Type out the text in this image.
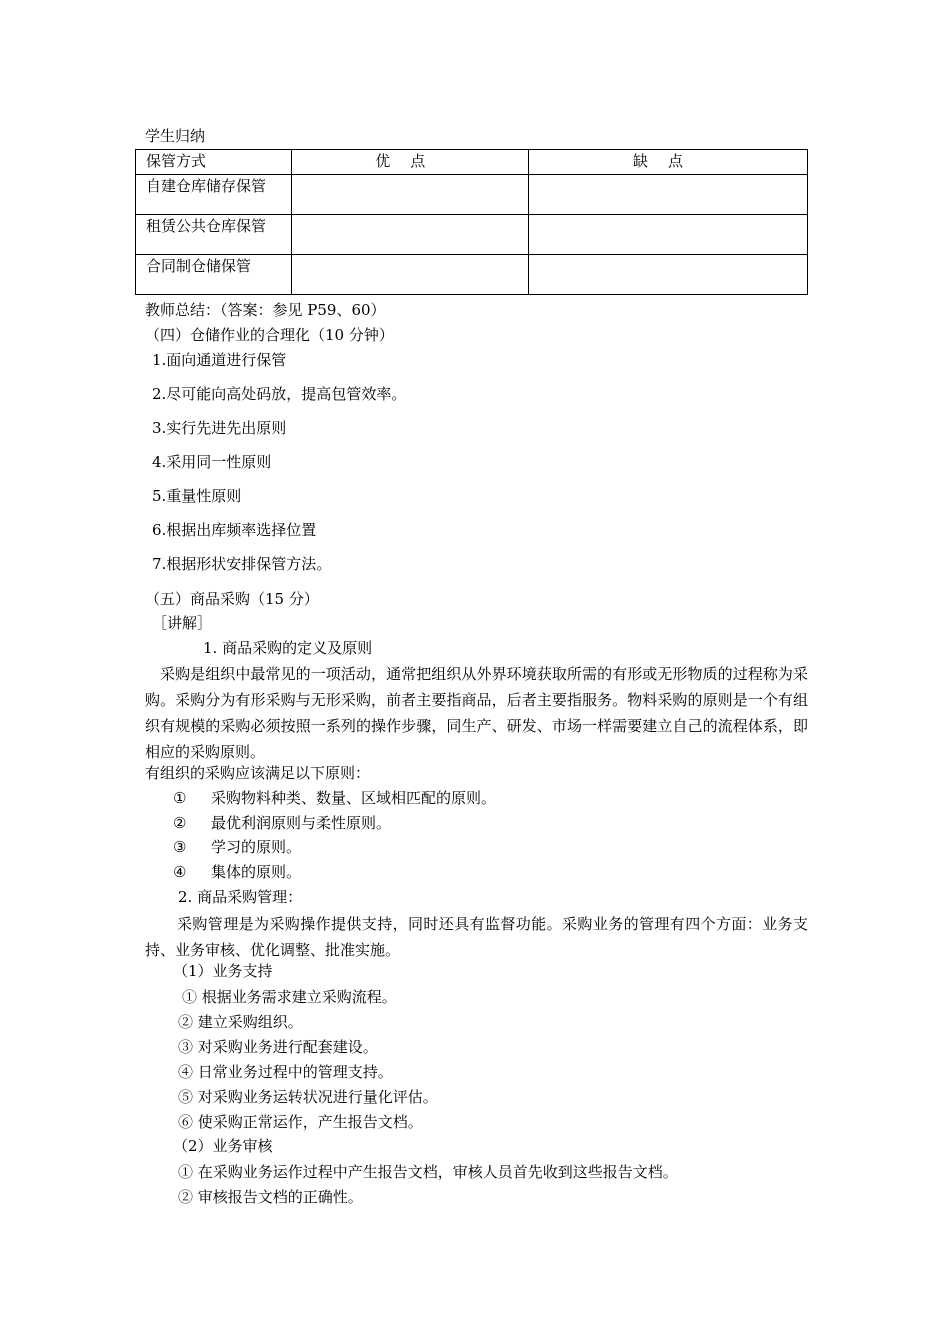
学生归纳
保管方式	优点	缺点
自建仓库储存保管		
租赁公共仓库保管		
合同制仓储保管		
教师总结：（答案：参见 P59、60）
（四）仓储作业的合理化（10 分钟）
1.面向通道进行保管
2.尽可能向高处码放，提高包管效率。
3.实行先进先出原则
4.采用同一性原则
5.重量性原则
6.根据出库频率选择位置
7.根据形状安排保管方法。
（五）商品采购（15 分）
［讲解］
1. 商品采购的定义及原则
采购是组织中最常见的一项活动，通常把组织从外界环境获取所需的有形或无形物质的过程称为采购。采购分为有形采购与无形采购，前者主要指商品，后者主要指服务。物料采购的原则是一个有组织有规模的采购必须按照一系列的操作步骤，同生产、研发、市场一样需要建立自己的流程体系，即相应的采购原则。
有组织的采购应该满足以下原则：
① 采购物料种类、数量、区域相匹配的原则。
② 最优利润原则与柔性原则。
③ 学习的原则。
④ 集体的原则。
2. 商品采购管理：
采购管理是为采购操作提供支持，同时还具有监督功能。采购业务的管理有四个方面：业务支持、业务审核、优化调整、批准实施。
（1）业务支持
① 根据业务需求建立采购流程。
② 建立采购组织。
③ 对采购业务进行配套建设。
④ 日常业务过程中的管理支持。
⑤ 对采购业务运转状况进行量化评估。
⑥ 使采购正常运作，产生报告文档。
（2）业务审核
① 在采购业务运作过程中产生报告文档，审核人员首先收到这些报告文档。
② 审核报告文档的正确性。
